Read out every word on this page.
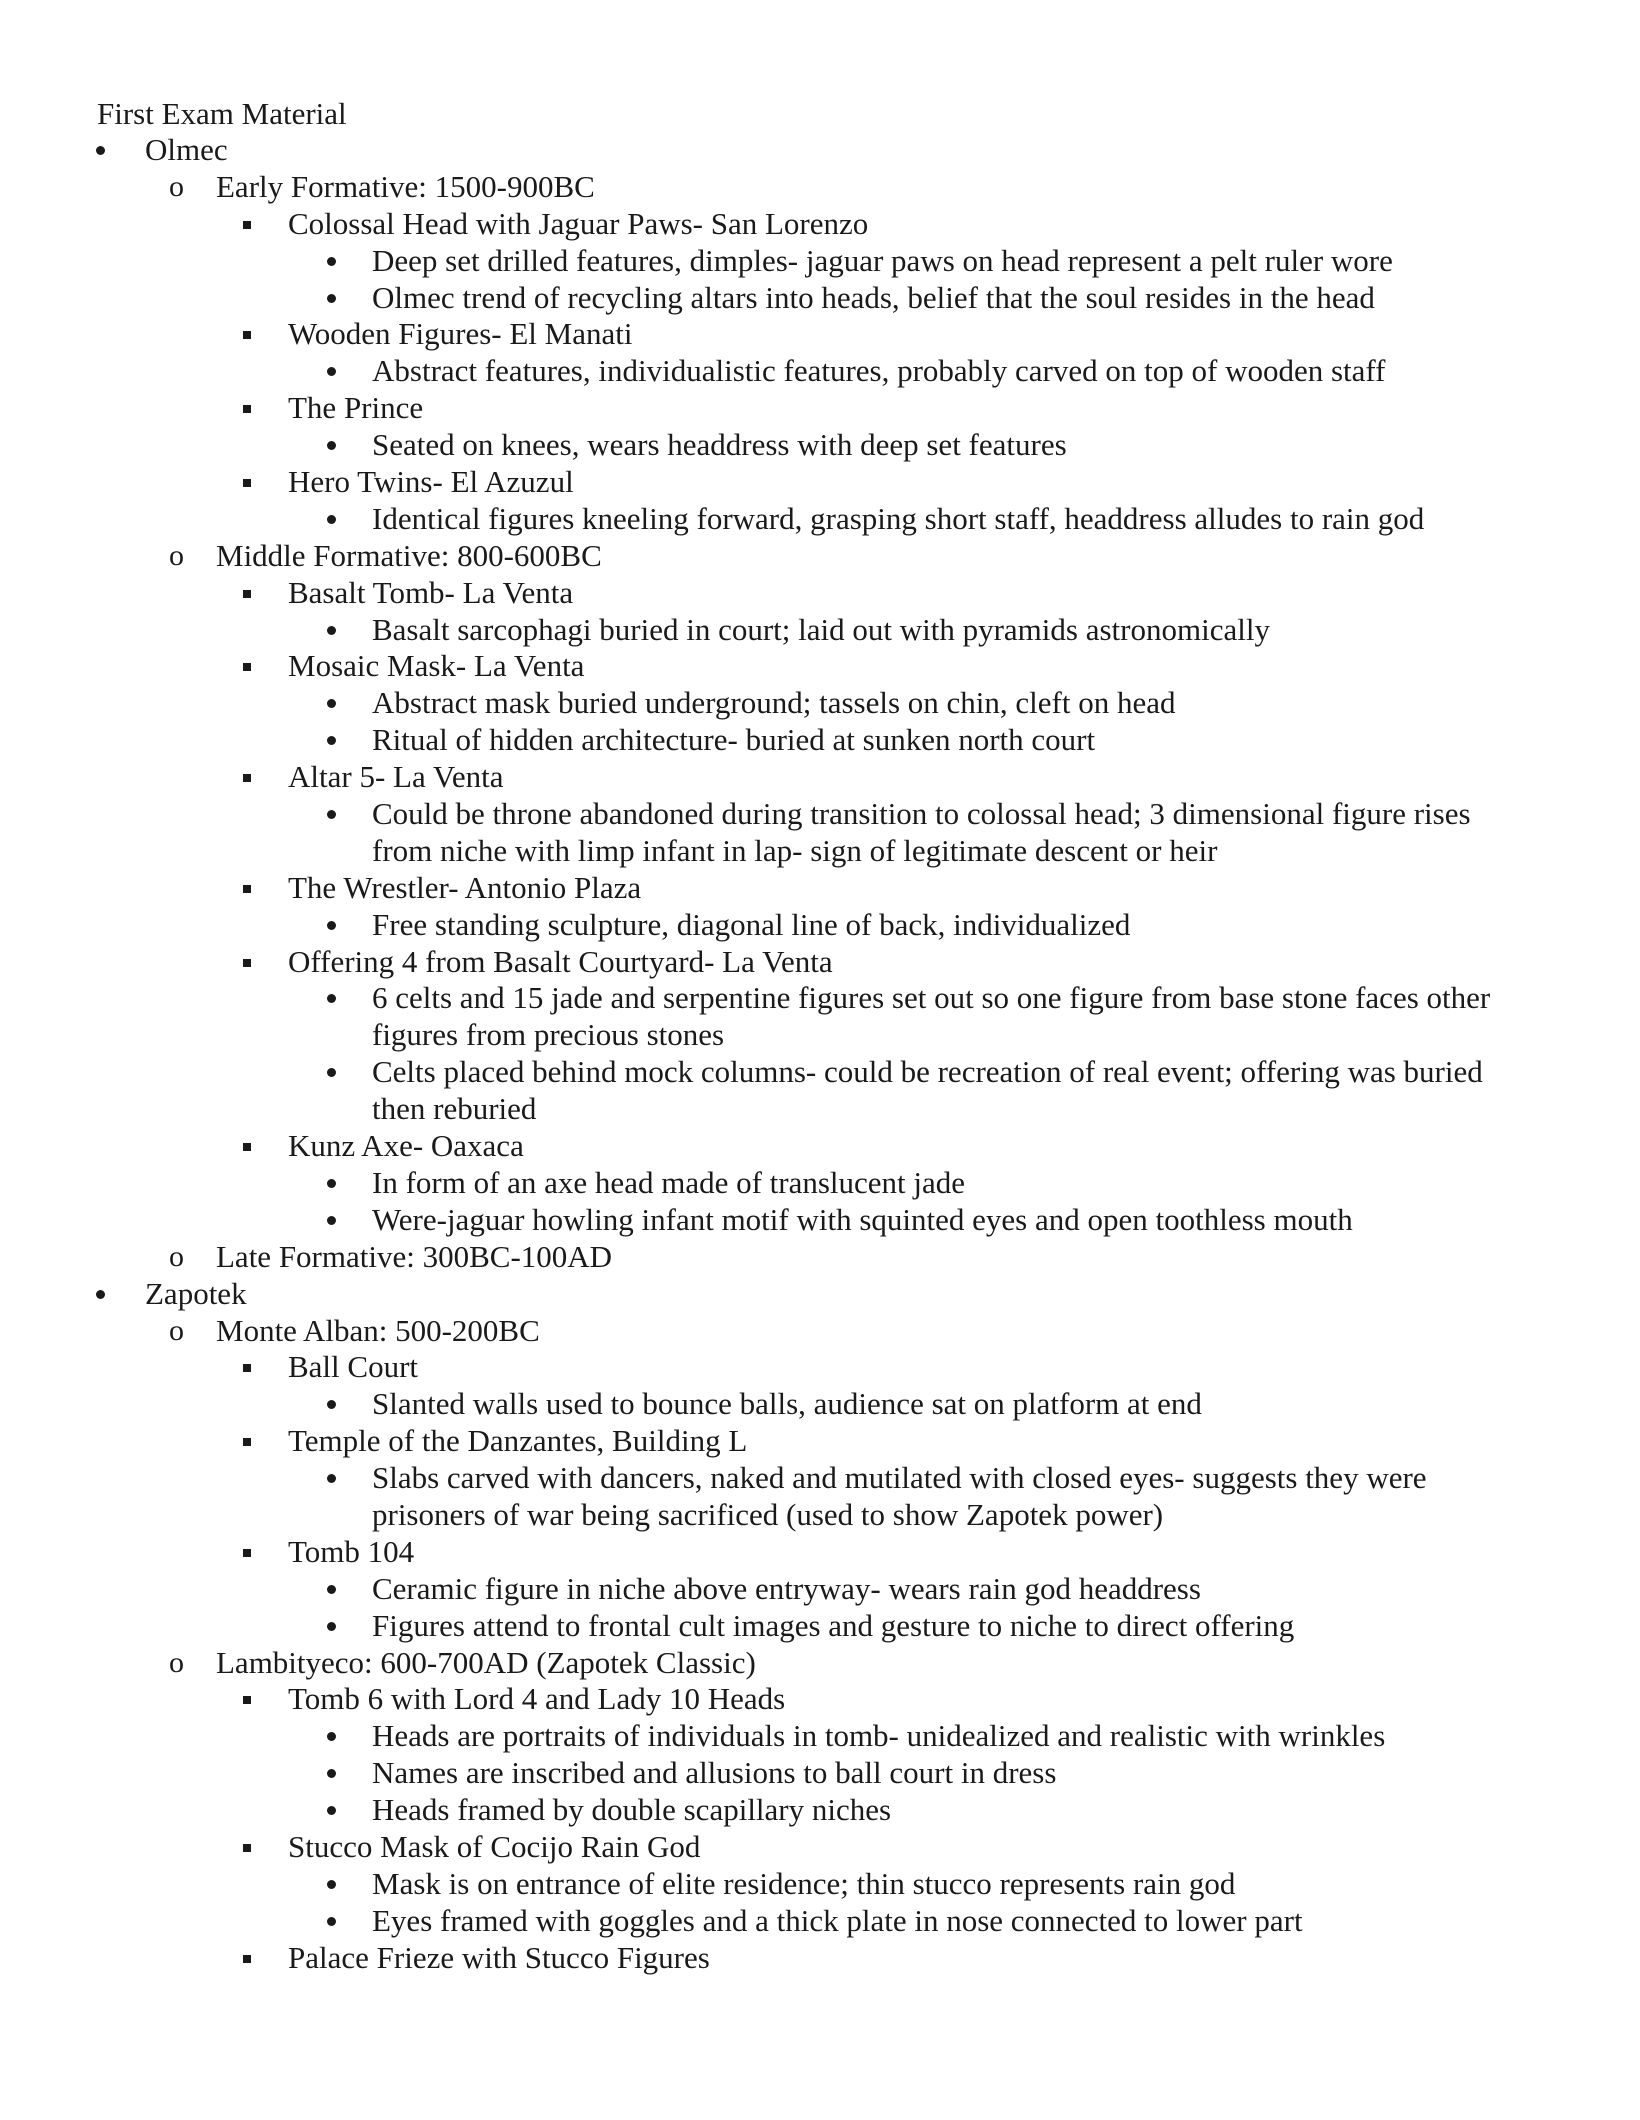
First Exam Material
Olmec
o Early Formative: 1500-900BC
Colossal Head with Jaguar Paws- San Lorenzo
Deep set drilled features, dimples- jaguar paws on head represent a pelt ruler wore
Olmec trend of recycling altars into heads, belief that the soul resides in the head
Wooden Figures- El Manati
Abstract features, individualistic features, probably carved on top of wooden staff
The Prince
Seated on knees, wears headdress with deep set features
Hero Twins- El Azuzul
Identical figures kneeling forward, grasping short staff, headdress alludes to rain god
o Middle Formative: 800-600BC
Basalt Tomb- La Venta
Basalt sarcophagi buried in court; laid out with pyramids astronomically
Mosaic Mask- La Venta
Abstract mask buried underground; tassels on chin, cleft on head
Ritual of hidden architecture- buried at sunken north court
Altar 5- La Venta
Could be throne abandoned during transition to colossal head; 3 dimensional figure rises
from niche with limp infant in lap- sign of legitimate descent or heir
The Wrestler- Antonio Plaza
Free standing sculpture, diagonal line of back, individualized
Offering 4 from Basalt Courtyard- La Venta
6 celts and 15 jade and serpentine figures set out so one figure from base stone faces other
figures from precious stones
Celts placed behind mock columns- could be recreation of real event; offering was buried
then reburied
Kunz Axe- Oaxaca
In form of an axe head made of translucent jade
Were-jaguar howling infant motif with squinted eyes and open toothless mouth
o Late Formative: 300BC-100AD
Zapotek
o Monte Alban: 500-200BC
Ball Court
Slanted walls used to bounce balls, audience sat on platform at end
Temple of the Danzantes, Building L
Slabs carved with dancers, naked and mutilated with closed eyes- suggests they were
prisoners of war being sacrificed (used to show Zapotek power)
Tomb 104
Ceramic figure in niche above entryway- wears rain god headdress
Figures attend to frontal cult images and gesture to niche to direct offering
o Lambityeco: 600-700AD (Zapotek Classic)
Tomb 6 with Lord 4 and Lady 10 Heads
Heads are portraits of individuals in tomb- unidealized and realistic with wrinkles
Names are inscribed and allusions to ball court in dress
Heads framed by double scapillary niches
Stucco Mask of Cocijo Rain God
Mask is on entrance of elite residence; thin stucco represents rain god
Eyes framed with goggles and a thick plate in nose connected to lower part
Palace Frieze with Stucco Figures
